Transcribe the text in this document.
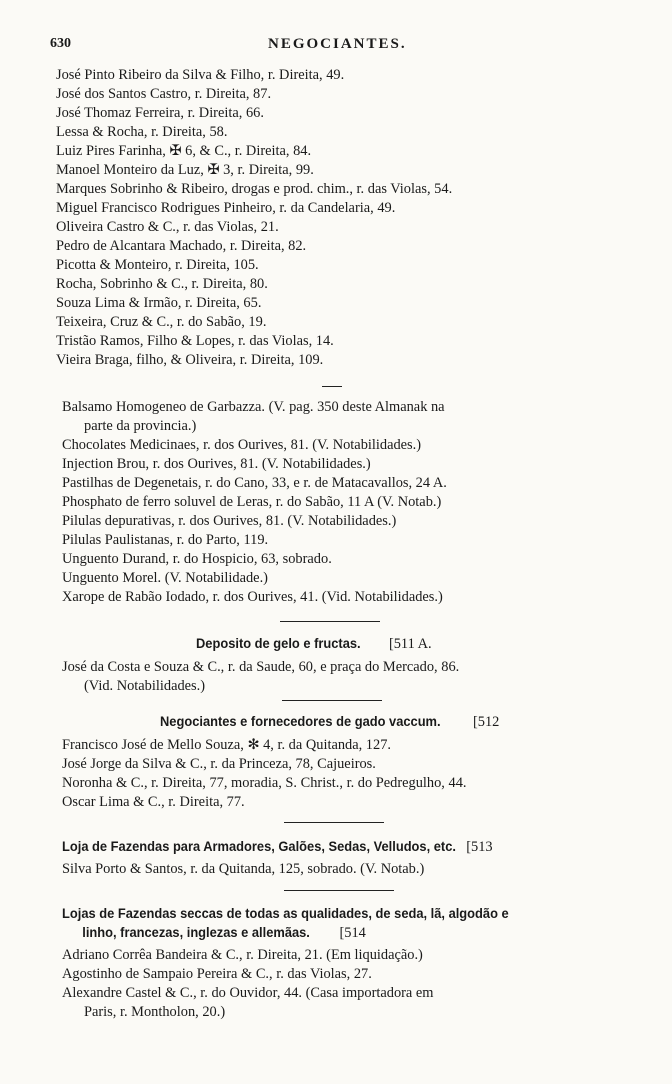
630	NEGOCIANTES.
José Pinto Ribeiro da Silva & Filho, r. Direita, 49.
José dos Santos Castro, r. Direita, 87.
José Thomaz Ferreira, r. Direita, 66.
Lessa & Rocha, r. Direita, 58.
Luiz Pires Farinha, ✠ 6, & C., r. Direita, 84.
Manoel Monteiro da Luz, ✠ 3, r. Direita, 99.
Marques Sobrinho & Ribeiro, drogas e prod. chim., r. das Violas, 54.
Miguel Francisco Rodrigues Pinheiro, r. da Candelaria, 49.
Oliveira Castro & C., r. das Violas, 21.
Pedro de Alcantara Machado, r. Direita, 82.
Picotta & Monteiro, r. Direita, 105.
Rocha, Sobrinho & C., r. Direita, 80.
Souza Lima & Irmão, r. Direita, 65.
Teixeira, Cruz & C., r. do Sabão, 19.
Tristão Ramos, Filho & Lopes, r. das Violas, 14.
Vieira Braga, filho, & Oliveira, r. Direita, 109.
Balsamo Homogeneo de Garbazza. (V. pag. 350 deste Almanak na
parte da provincia.)
Chocolates Medicinaes, r. dos Ourives, 81. (V. Notabilidades.)
Injection Brou, r. dos Ourives, 81. (V. Notabilidades.)
Pastilhas de Degenetais, r. do Cano, 33, e r. de Matacavallos, 24 A.
Phosphato de ferro soluvel de Leras, r. do Sabão, 11 A (V. Notab.)
Pilulas depurativas, r. dos Ourives, 81. (V. Notabilidades.)
Pilulas Paulistanas, r. do Parto, 119.
Unguento Durand, r. do Hospicio, 63, sobrado.
Unguento Morel. (V. Notabilidade.)
Xarope de Rabão Iodado, r. dos Ourives, 41. (Vid. Notabilidades.)
Deposito de gelo e fructas. [511 A.
José da Costa e Souza & C., r. da Saude, 60, e praça do Mercado, 86.
(Vid. Notabilidades.)
Negociantes e fornecedores de gado vaccum. [512
Francisco José de Mello Souza, ✻ 4, r. da Quitanda, 127.
José Jorge da Silva & C., r. da Princeza, 78, Cajueiros.
Noronha & C., r. Direita, 77, moradia, S. Christ., r. do Pedregulho, 44.
Oscar Lima & C., r. Direita, 77.
Loja de Fazendas para Armadores, Galões, Sedas, Velludos, etc. [513
Silva Porto & Santos, r. da Quitanda, 125, sobrado. (V. Notab.)
Lojas de Fazendas seccas de todas as qualidades, de seda, lã, algodão e
linho, francezas, inglezas e allemãas. [514
Adriano Corrêa Bandeira & C., r. Direita, 21. (Em liquidação.)
Agostinho de Sampaio Pereira & C., r. das Violas, 27.
Alexandre Castel & C., r. do Ouvidor, 44. (Casa importadora em
Paris, r. Montholon, 20.)
